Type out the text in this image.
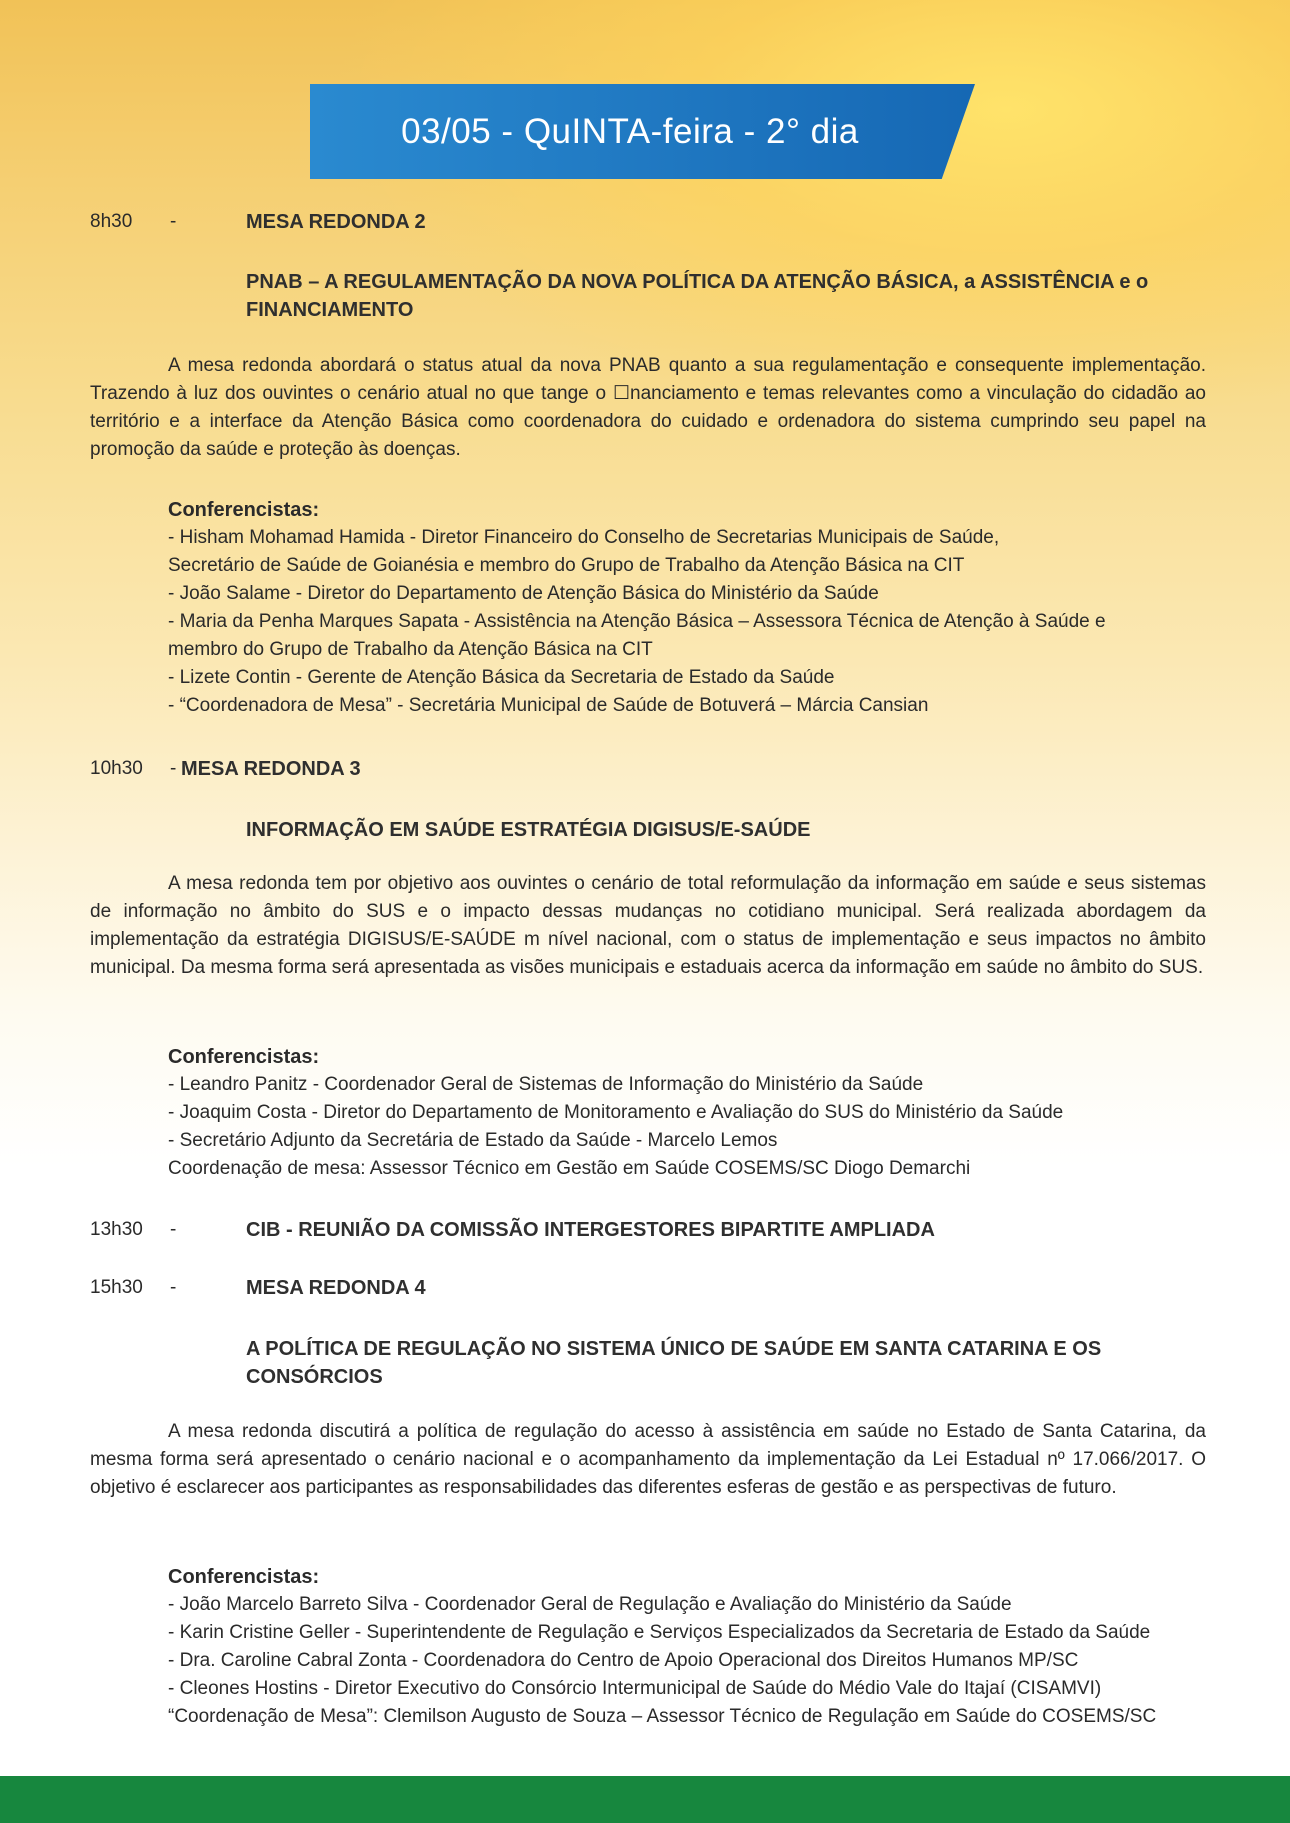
03/05 - QuINTA-feira - 2° dia
8h30 -	MESA REDONDA 2
PNAB – A REGULAMENTAÇÃO DA NOVA POLÍTICA DA ATENÇÃO BÁSICA, a ASSISTÊNCIA e o FINANCIAMENTO
A mesa redonda abordará o status atual da nova PNAB quanto a sua regulamentação e consequente implementação. Trazendo à luz dos ouvintes o cenário atual no que tange o ☐nanciamento e temas relevantes como a vinculação do cidadão ao território e a interface da Atenção Básica como coordenadora do cuidado e ordenadora do sistema cumprindo seu papel na promoção da saúde e proteção às doenças.
Conferencistas:
- Hisham Mohamad Hamida - Diretor Financeiro do Conselho de Secretarias Municipais de Saúde,
Secretário de Saúde de Goianésia e membro do Grupo de Trabalho da Atenção Básica na CIT
- João Salame - Diretor do Departamento de Atenção Básica do Ministério da Saúde
- Maria da Penha Marques Sapata - Assistência na Atenção Básica – Assessora Técnica de Atenção à Saúde e
membro do Grupo de Trabalho da Atenção Básica na CIT
- Lizete Contin - Gerente de Atenção Básica da Secretaria de Estado da Saúde
- “Coordenadora de Mesa” - Secretária Municipal de Saúde de Botuverá – Márcia Cansian
10h30 - MESA REDONDA 3
INFORMAÇÃO EM SAÚDE ESTRATÉGIA DIGISUS/E-SAÚDE
A mesa redonda tem por objetivo aos ouvintes o cenário de total reformulação da informação em saúde e seus sistemas de informação no âmbito do SUS e o impacto dessas mudanças no cotidiano municipal. Será realizada abordagem da implementação da estratégia DIGISUS/E-SAÚDE m nível nacional, com o status de implementação e seus impactos no âmbito municipal. Da mesma forma será apresentada as visões municipais e estaduais acerca da informação em saúde no âmbito do SUS.
Conferencistas:
- Leandro Panitz - Coordenador Geral de Sistemas de Informação do Ministério da Saúde
- Joaquim Costa - Diretor do Departamento de Monitoramento e Avaliação do SUS do Ministério da Saúde
- Secretário Adjunto da Secretária de Estado da Saúde - Marcelo Lemos
Coordenação de mesa: Assessor Técnico em Gestão em Saúde COSEMS/SC Diogo Demarchi
13h30 -	CIB - REUNIÃO DA COMISSÃO INTERGESTORES BIPARTITE AMPLIADA
15h30 -	MESA REDONDA 4
A POLÍTICA DE REGULAÇÃO NO SISTEMA ÚNICO DE SAÚDE EM SANTA CATARINA E OS CONSÓRCIOS
A mesa redonda discutirá a política de regulação do acesso à assistência em saúde no Estado de Santa Catarina, da mesma forma será apresentado o cenário nacional e o acompanhamento da implementação da Lei Estadual nº 17.066/2017. O objetivo é esclarecer aos participantes as responsabilidades das diferentes esferas de gestão e as perspectivas de futuro.
Conferencistas:
- João Marcelo Barreto Silva - Coordenador Geral de Regulação e Avaliação do Ministério da Saúde
- Karin Cristine Geller - Superintendente de Regulação e Serviços Especializados da Secretaria de Estado da Saúde
- Dra. Caroline Cabral Zonta - Coordenadora do Centro de Apoio Operacional dos Direitos Humanos MP/SC
- Cleones Hostins - Diretor Executivo do Consórcio Intermunicipal de Saúde do Médio Vale do Itajaí (CISAMVI)
“Coordenação de Mesa”: Clemilson Augusto de Souza – Assessor Técnico de Regulação em Saúde do COSEMS/SC
